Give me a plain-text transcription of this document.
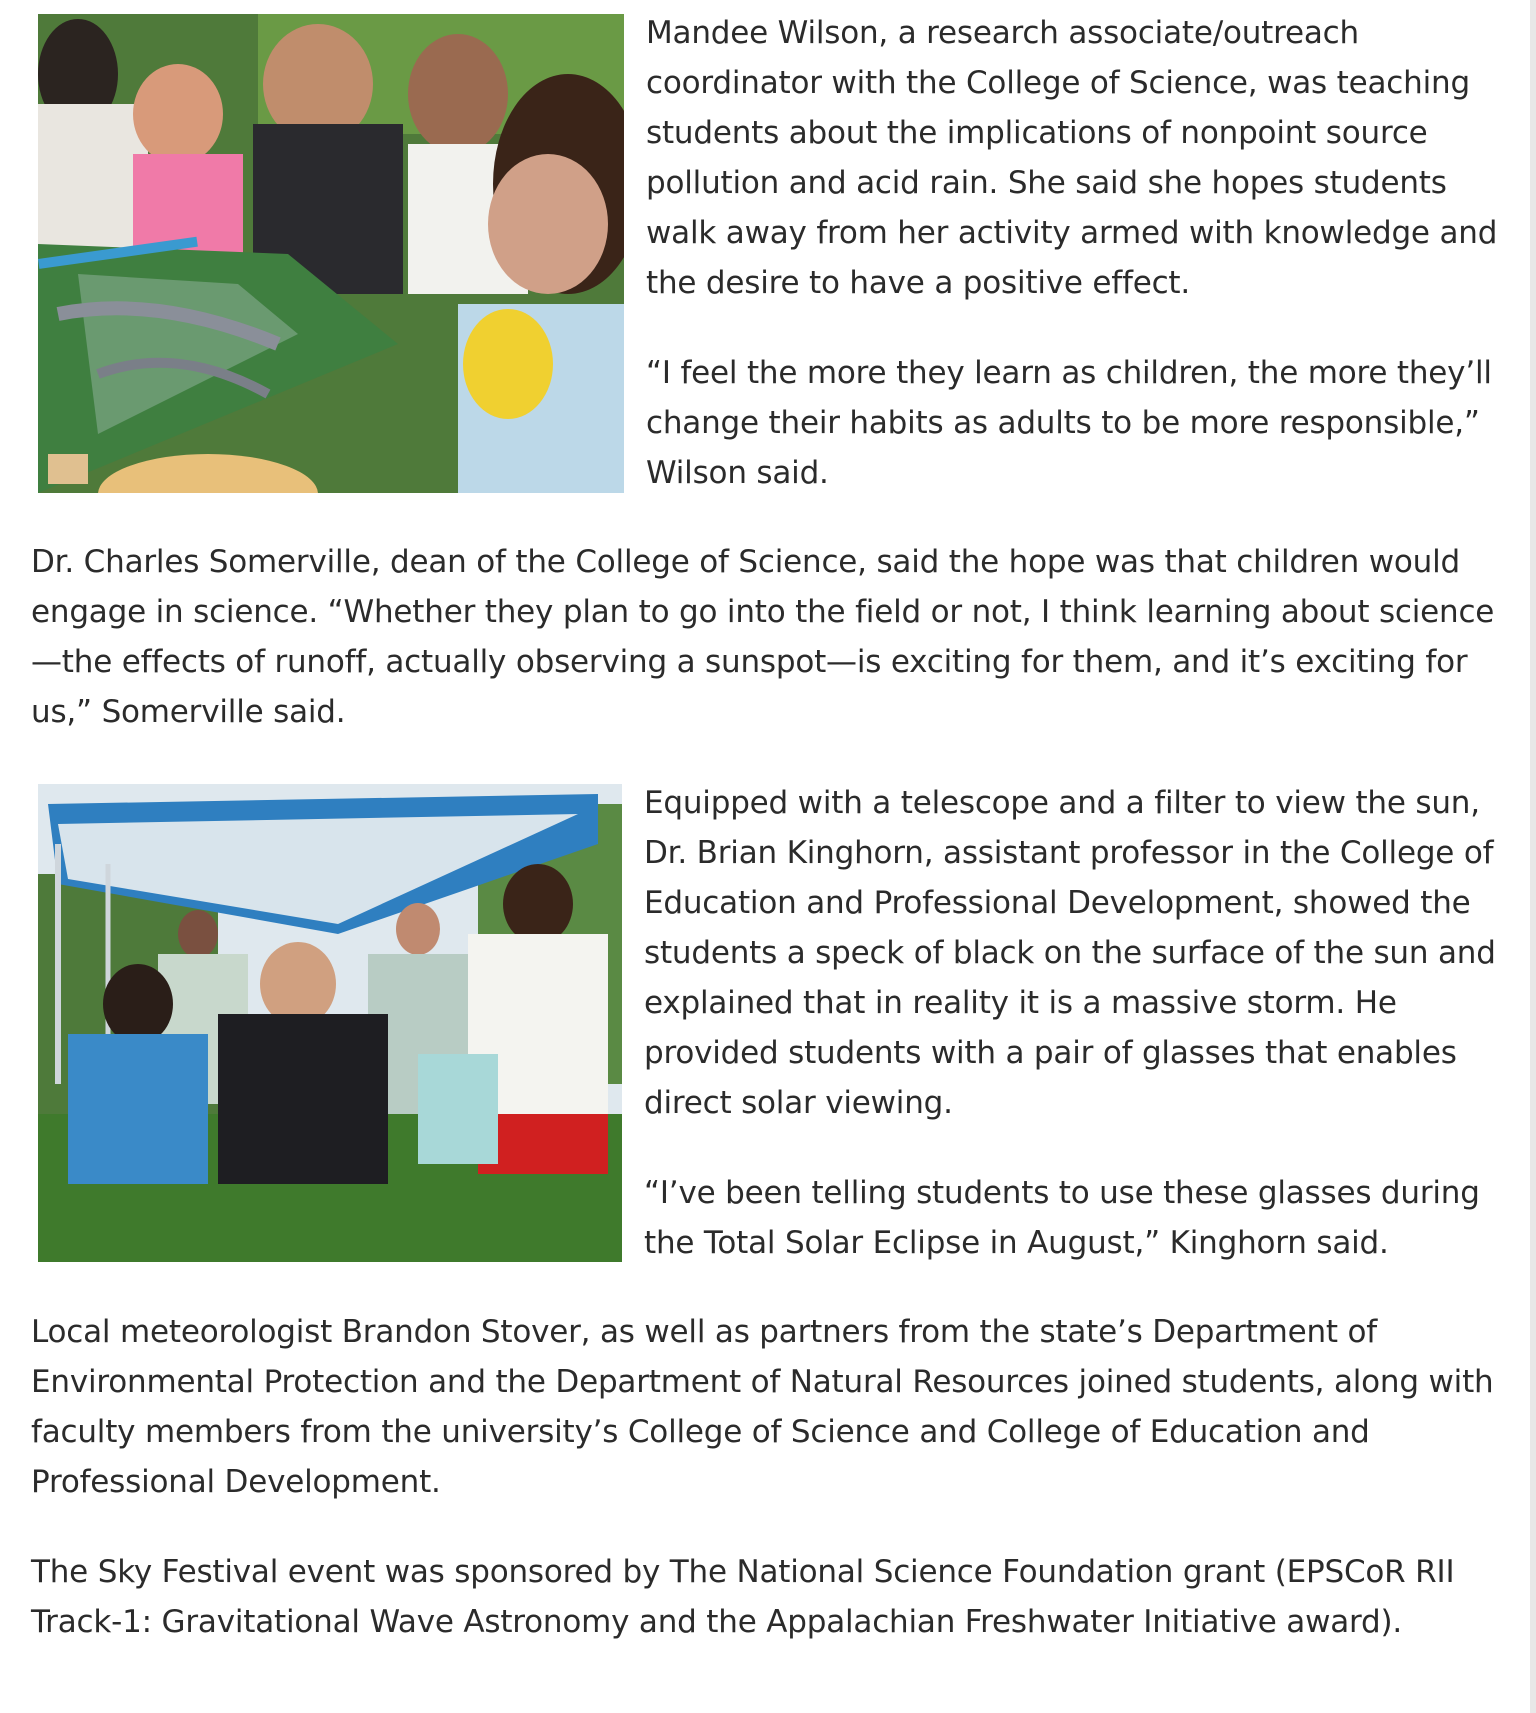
Mandee Wilson, a research associate/outreach coordinator with the College of Science, was teaching students about the implications of nonpoint source pollution and acid rain. She said she hopes students walk away from her activity armed with knowledge and the desire to have a positive effect.

“I feel the more they learn as children, the more they’ll change their habits as adults to be more responsible,” Wilson said.

Dr. Charles Somerville, dean of the College of Science, said the hope was that children would engage in science. “Whether they plan to go into the field or not, I think learning about science—the effects of runoff, actually observing a sunspot—is exciting for them, and it’s exciting for us,” Somerville said.

Equipped with a telescope and a filter to view the sun, Dr. Brian Kinghorn, assistant professor in the College of Education and Professional Development, showed the students a speck of black on the surface of the sun and explained that in reality it is a massive storm. He provided students with a pair of glasses that enables direct solar viewing.

“I’ve been telling students to use these glasses during the Total Solar Eclipse in August,” Kinghorn said.

Local meteorologist Brandon Stover, as well as partners from the state’s Department of Environmental Protection and the Department of Natural Resources joined students, along with faculty members from the university’s College of Science and College of Education and Professional Development.

The Sky Festival event was sponsored by The National Science Foundation grant (EPSCoR RII Track-1: Gravitational Wave Astronomy and the Appalachian Freshwater Initiative award).
